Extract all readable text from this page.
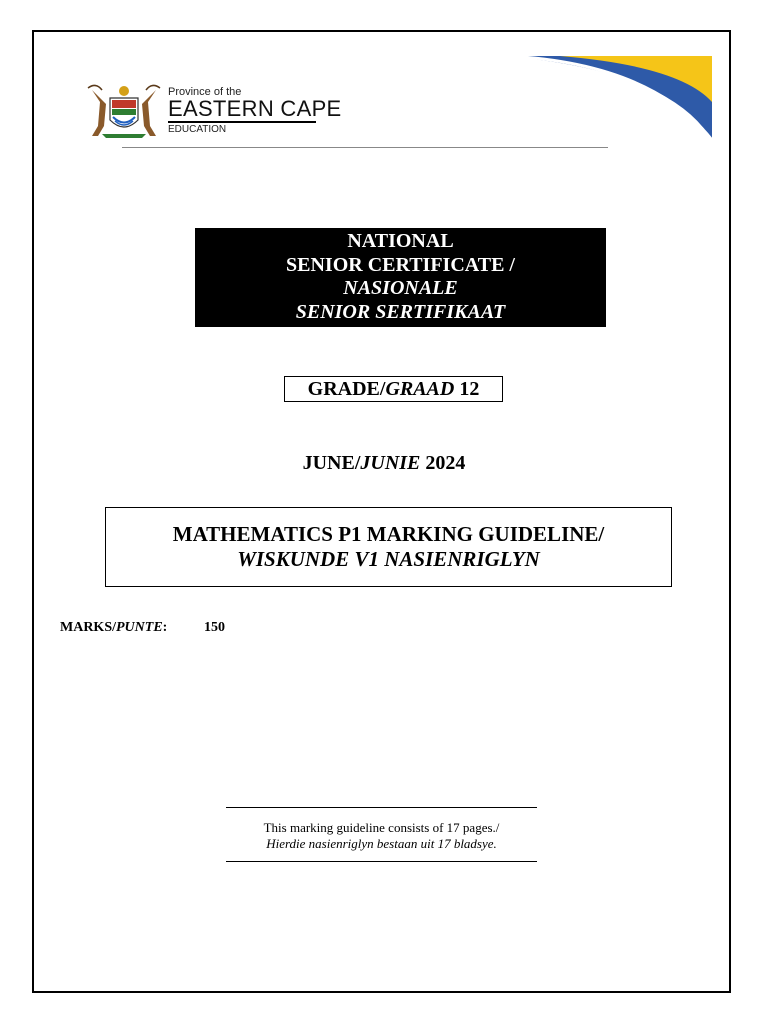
Province of the
EASTERN CAPE
EDUCATION
NATIONAL
SENIOR CERTIFICATE /
NASIONALE
SENIOR SERTIFIKAAT
GRADE/GRAAD 12
JUNE/JUNIE 2024
MATHEMATICS P1 MARKING GUIDELINE/
WISKUNDE V1 NASIENRIGLYN
MARKS/PUNTE:	150
This marking guideline consists of 17 pages./
Hierdie nasienriglyn bestaan uit 17 bladsye.
